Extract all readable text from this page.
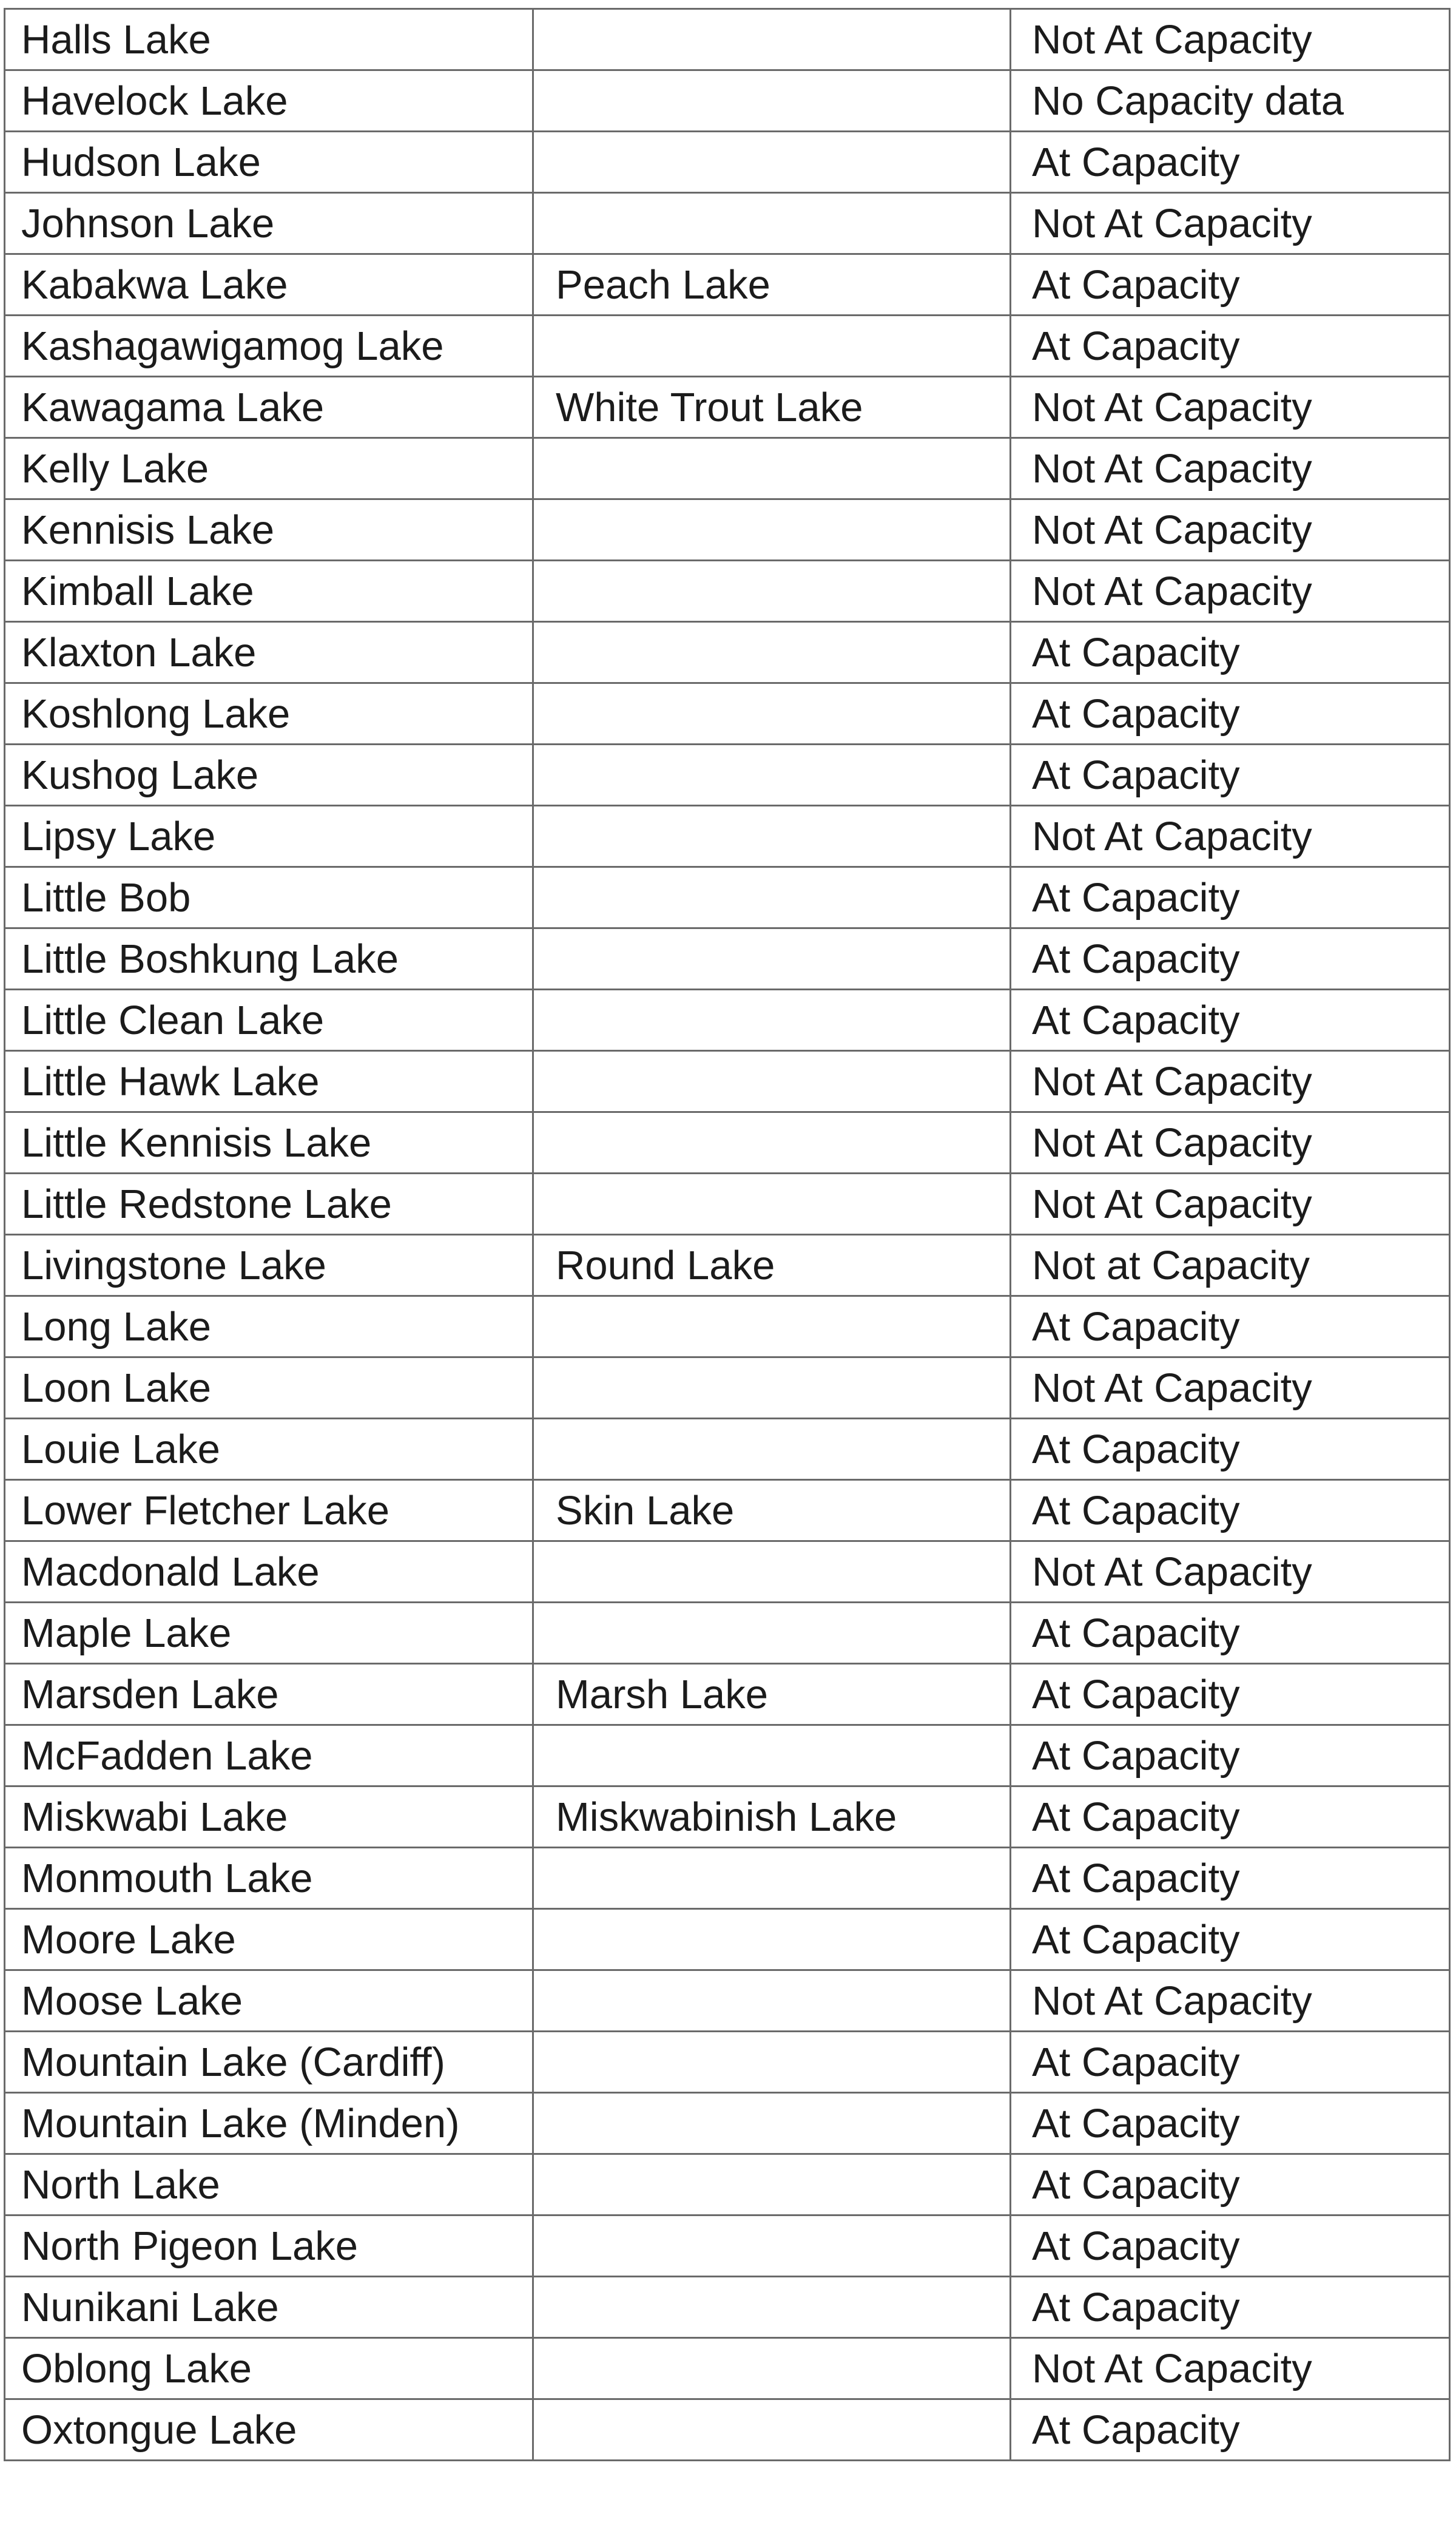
Halls Lake		Not At Capacity
Havelock Lake		No Capacity data
Hudson Lake		At Capacity
Johnson Lake		Not At Capacity
Kabakwa Lake	Peach Lake	At Capacity
Kashagawigamog Lake		At Capacity
Kawagama Lake	White Trout Lake	Not At Capacity
Kelly Lake		Not At Capacity
Kennisis Lake		Not At Capacity
Kimball Lake		Not At Capacity
Klaxton Lake		At Capacity
Koshlong Lake		At Capacity
Kushog Lake		At Capacity
Lipsy Lake		Not At Capacity
Little Bob		At Capacity
Little Boshkung Lake		At Capacity
Little Clean Lake		At Capacity
Little Hawk Lake		Not At Capacity
Little Kennisis Lake		Not At Capacity
Little Redstone Lake		Not At Capacity
Livingstone Lake	Round Lake	Not at Capacity
Long Lake		At Capacity
Loon Lake		Not At Capacity
Louie Lake		At Capacity
Lower Fletcher Lake	Skin Lake	At Capacity
Macdonald Lake		Not At Capacity
Maple Lake		At Capacity
Marsden Lake	Marsh Lake	At Capacity
McFadden Lake		At Capacity
Miskwabi Lake	Miskwabinish Lake	At Capacity
Monmouth Lake		At Capacity
Moore Lake		At Capacity
Moose Lake		Not At Capacity
Mountain Lake (Cardiff)		At Capacity
Mountain Lake (Minden)		At Capacity
North Lake		At Capacity
North Pigeon Lake		At Capacity
Nunikani Lake		At Capacity
Oblong Lake		Not At Capacity
Oxtongue Lake		At Capacity
